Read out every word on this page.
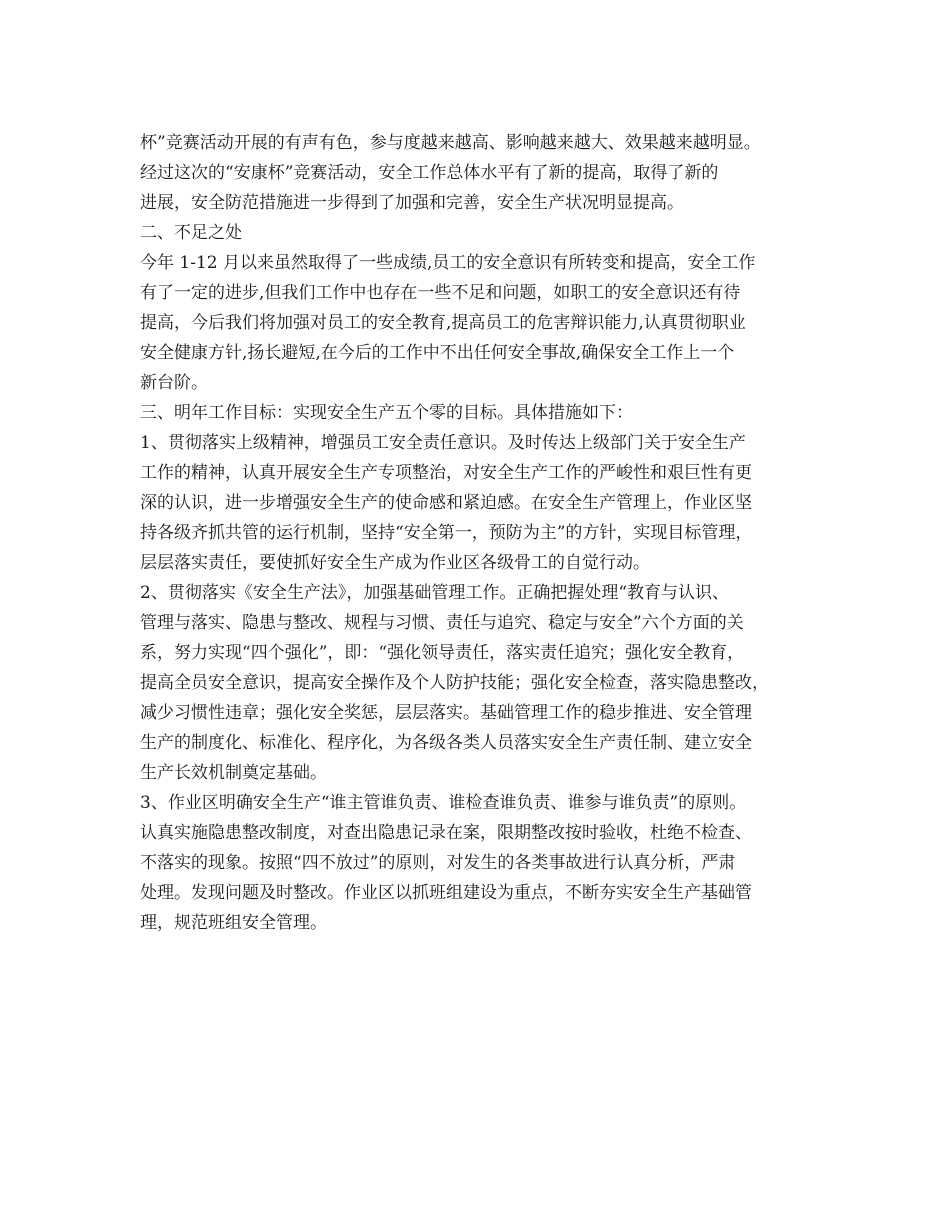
杯”竞赛活动开展的有声有色，参与度越来越高、影响越来越大、效果越来越明显。

经过这次的“安康杯”竞赛活动，安全工作总体水平有了新的提高，取得了新的

进展，安全防范措施进一步得到了加强和完善，安全生产状况明显提高。

二、不足之处

今年 1-12 月以来虽然取得了一些成绩,员工的安全意识有所转变和提高，安全工作

有了一定的进步,但我们工作中也存在一些不足和问题，如职工的安全意识还有待

提高，今后我们将加强对员工的安全教育,提高员工的危害辩识能力,认真贯彻职业

安全健康方针,扬长避短,在今后的工作中不出任何安全事故,确保安全工作上一个

新台阶。

三、明年工作目标：实现安全生产五个零的目标。具体措施如下：

1、贯彻落实上级精神，增强员工安全责任意识。及时传达上级部门关于安全生产

工作的精神，认真开展安全生产专项整治，对安全生产工作的严峻性和艰巨性有更

深的认识，进一步增强安全生产的使命感和紧迫感。在安全生产管理上，作业区坚

持各级齐抓共管的运行机制，坚持“安全第一，预防为主”的方针，实现目标管理，

层层落实责任，要使抓好安全生产成为作业区各级骨工的自觉行动。

2、贯彻落实《安全生产法》，加强基础管理工作。正确把握处理“教育与认识、

管理与落实、隐患与整改、规程与习惯、责任与追究、稳定与安全”六个方面的关

系，努力实现“四个强化”，即：“强化领导责任，落实责任追究；强化安全教育，

提高全员安全意识，提高安全操作及个人防护技能；强化安全检查，落实隐患整改，

减少习惯性违章；强化安全奖惩，层层落实。基础管理工作的稳步推进、安全管理

生产的制度化、标准化、程序化，为各级各类人员落实安全生产责任制、建立安全

生产长效机制奠定基础。

3、作业区明确安全生产“谁主管谁负责、谁检查谁负责、谁参与谁负责”的原则。

认真实施隐患整改制度，对查出隐患记录在案，限期整改按时验收，杜绝不检查、

不落实的现象。按照“四不放过”的原则，对发生的各类事故进行认真分析，严肃

处理。发现问题及时整改。作业区以抓班组建设为重点，不断夯实安全生产基础管

理，规范班组安全管理。
